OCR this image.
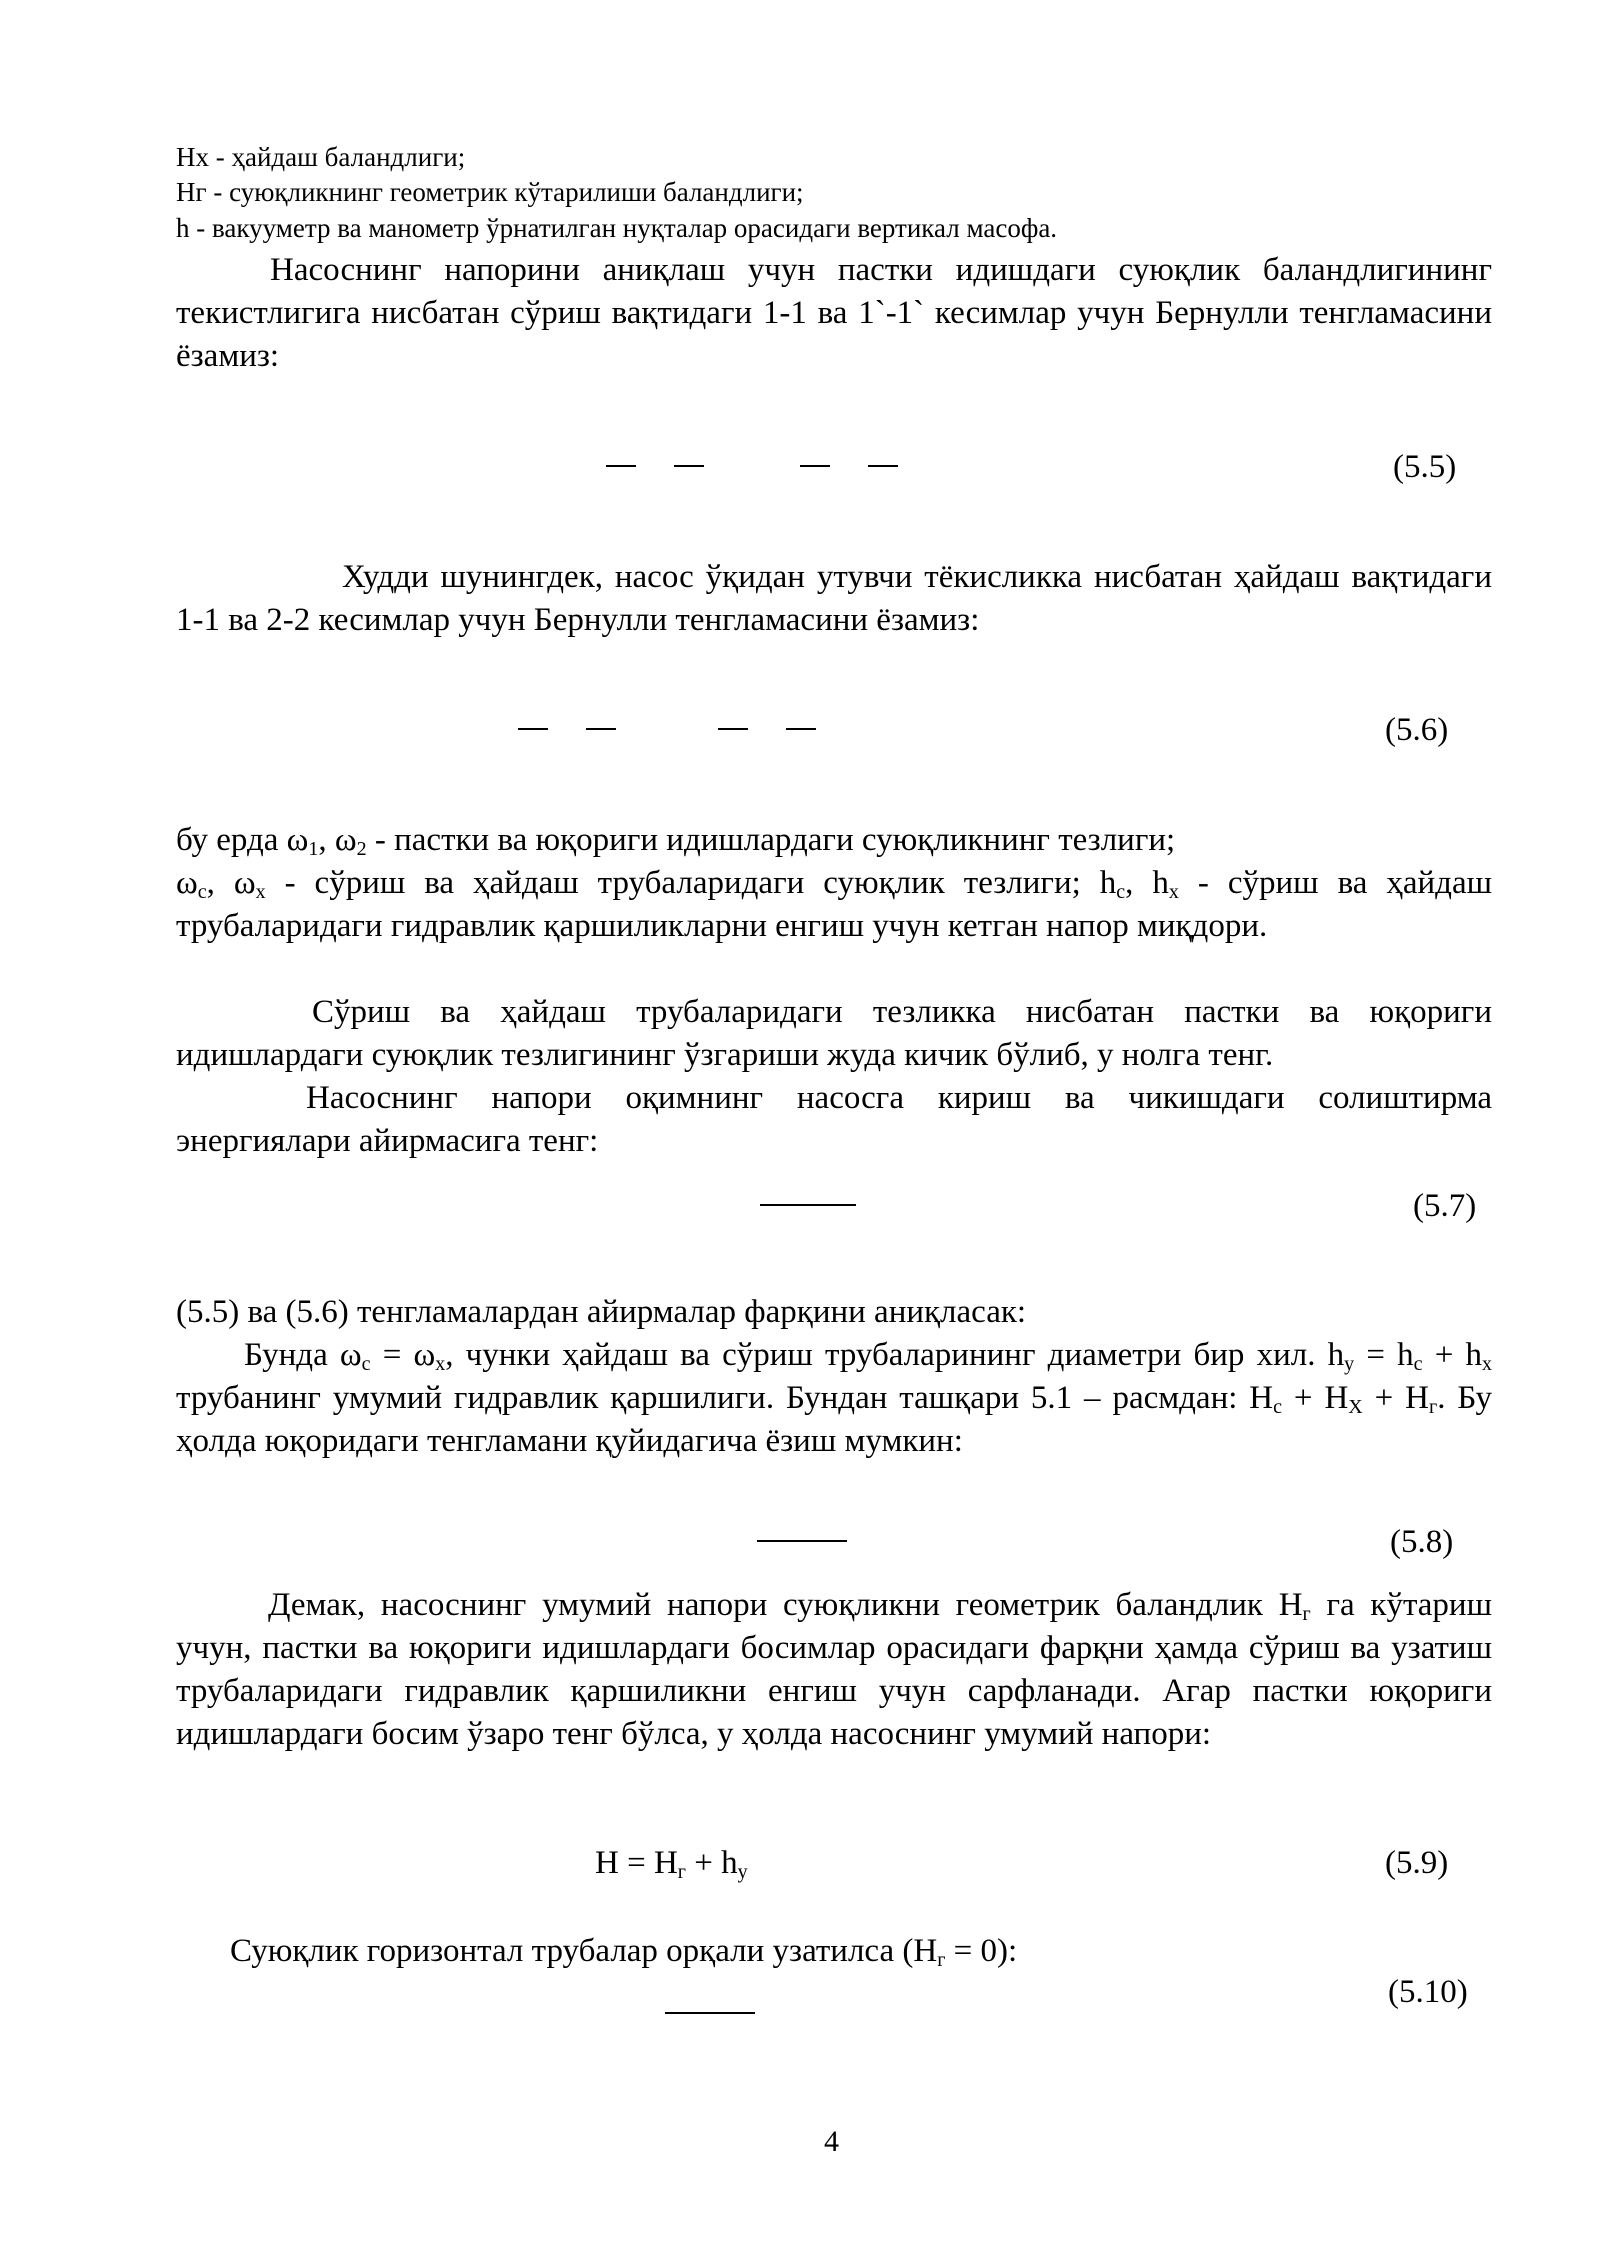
Hх - ҳайдаш баландлиги;
Hг - суюқликнинг геометрик кўтарилиши баландлиги;
h - вакууметр ва манометр ўрнатилган нуқталар орасидаги вертикал масофа.
Насоснинг напорини аниқлаш учун пастки идишдаги суюқлик баландлигининг текистлигига нисбатан сўриш вақтидаги 1-1 ва 1`-1` кесимлар учун Бернулли тенгламасини ёзамиз:
(5.5)
Худди шунингдек, насос ўқидан утувчи тёкисликка нисбатан ҳайдаш вақтидаги 1-1 ва 2-2 кесимлар учун Бернулли тенгламасини ёзамиз:
(5.6)
бу ерда $\omega_1$, $\omega_2$ - пастки ва юқориги идишлардаги суюқликнинг тезлиги;
$\omega_с$, $\omega_х$ - сўриш ва ҳайдаш трубаларидаги суюқлик тезлиги; $h_с$, $h_х$ - сўриш ва ҳайдаш трубаларидаги гидравлик қаршиликларни енгиш учун кетган напор миқдори.
Сўриш ва ҳайдаш трубаларидаги тезликка нисбатан пастки ва юқориги идишлардаги суюқлик тезлигининг ўзгариши жуда кичик бўлиб, у нолга тенг.
Насоснинг напори оқимнинг насосга кириш ва чикишдаги солиштирма энергиялари айирмасига тенг:
(5.7)
(5.5) ва (5.6) тенгламалардан айирмалар фарқини аниқласак:
Бунда $\omega_с = \omega_х$, чунки ҳайдаш ва сўриш трубаларининг диаметри бир хил. $h_у = h_с + h_х$ трубанинг умумий гидравлик қаршилиги. Бундан ташқари 5.1 – расмдан: $H_с + H_Х + H_г$. Бу ҳолда юқоридаги тенгламани қуйидагича ёзиш мумкин:
(5.8)
Демак, насоснинг умумий напори суюқликни геометрик баландлик $H_г$ га кўтариш учун, пастки ва юқориги идишлардаги босимлар орасидаги фарқни ҳамда сўриш ва узатиш трубаларидаги гидравлик қаршиликни енгиш учун сарфланади. Агар пастки юқориги идишлардаги босим ўзаро тенг бўлса, у ҳолда насоснинг умумий напори:
$H = H_г + h_у$	(5.9)
Суюқлик горизонтал трубалар орқали узатилса $(H_г = 0)$:
(5.10)
4
